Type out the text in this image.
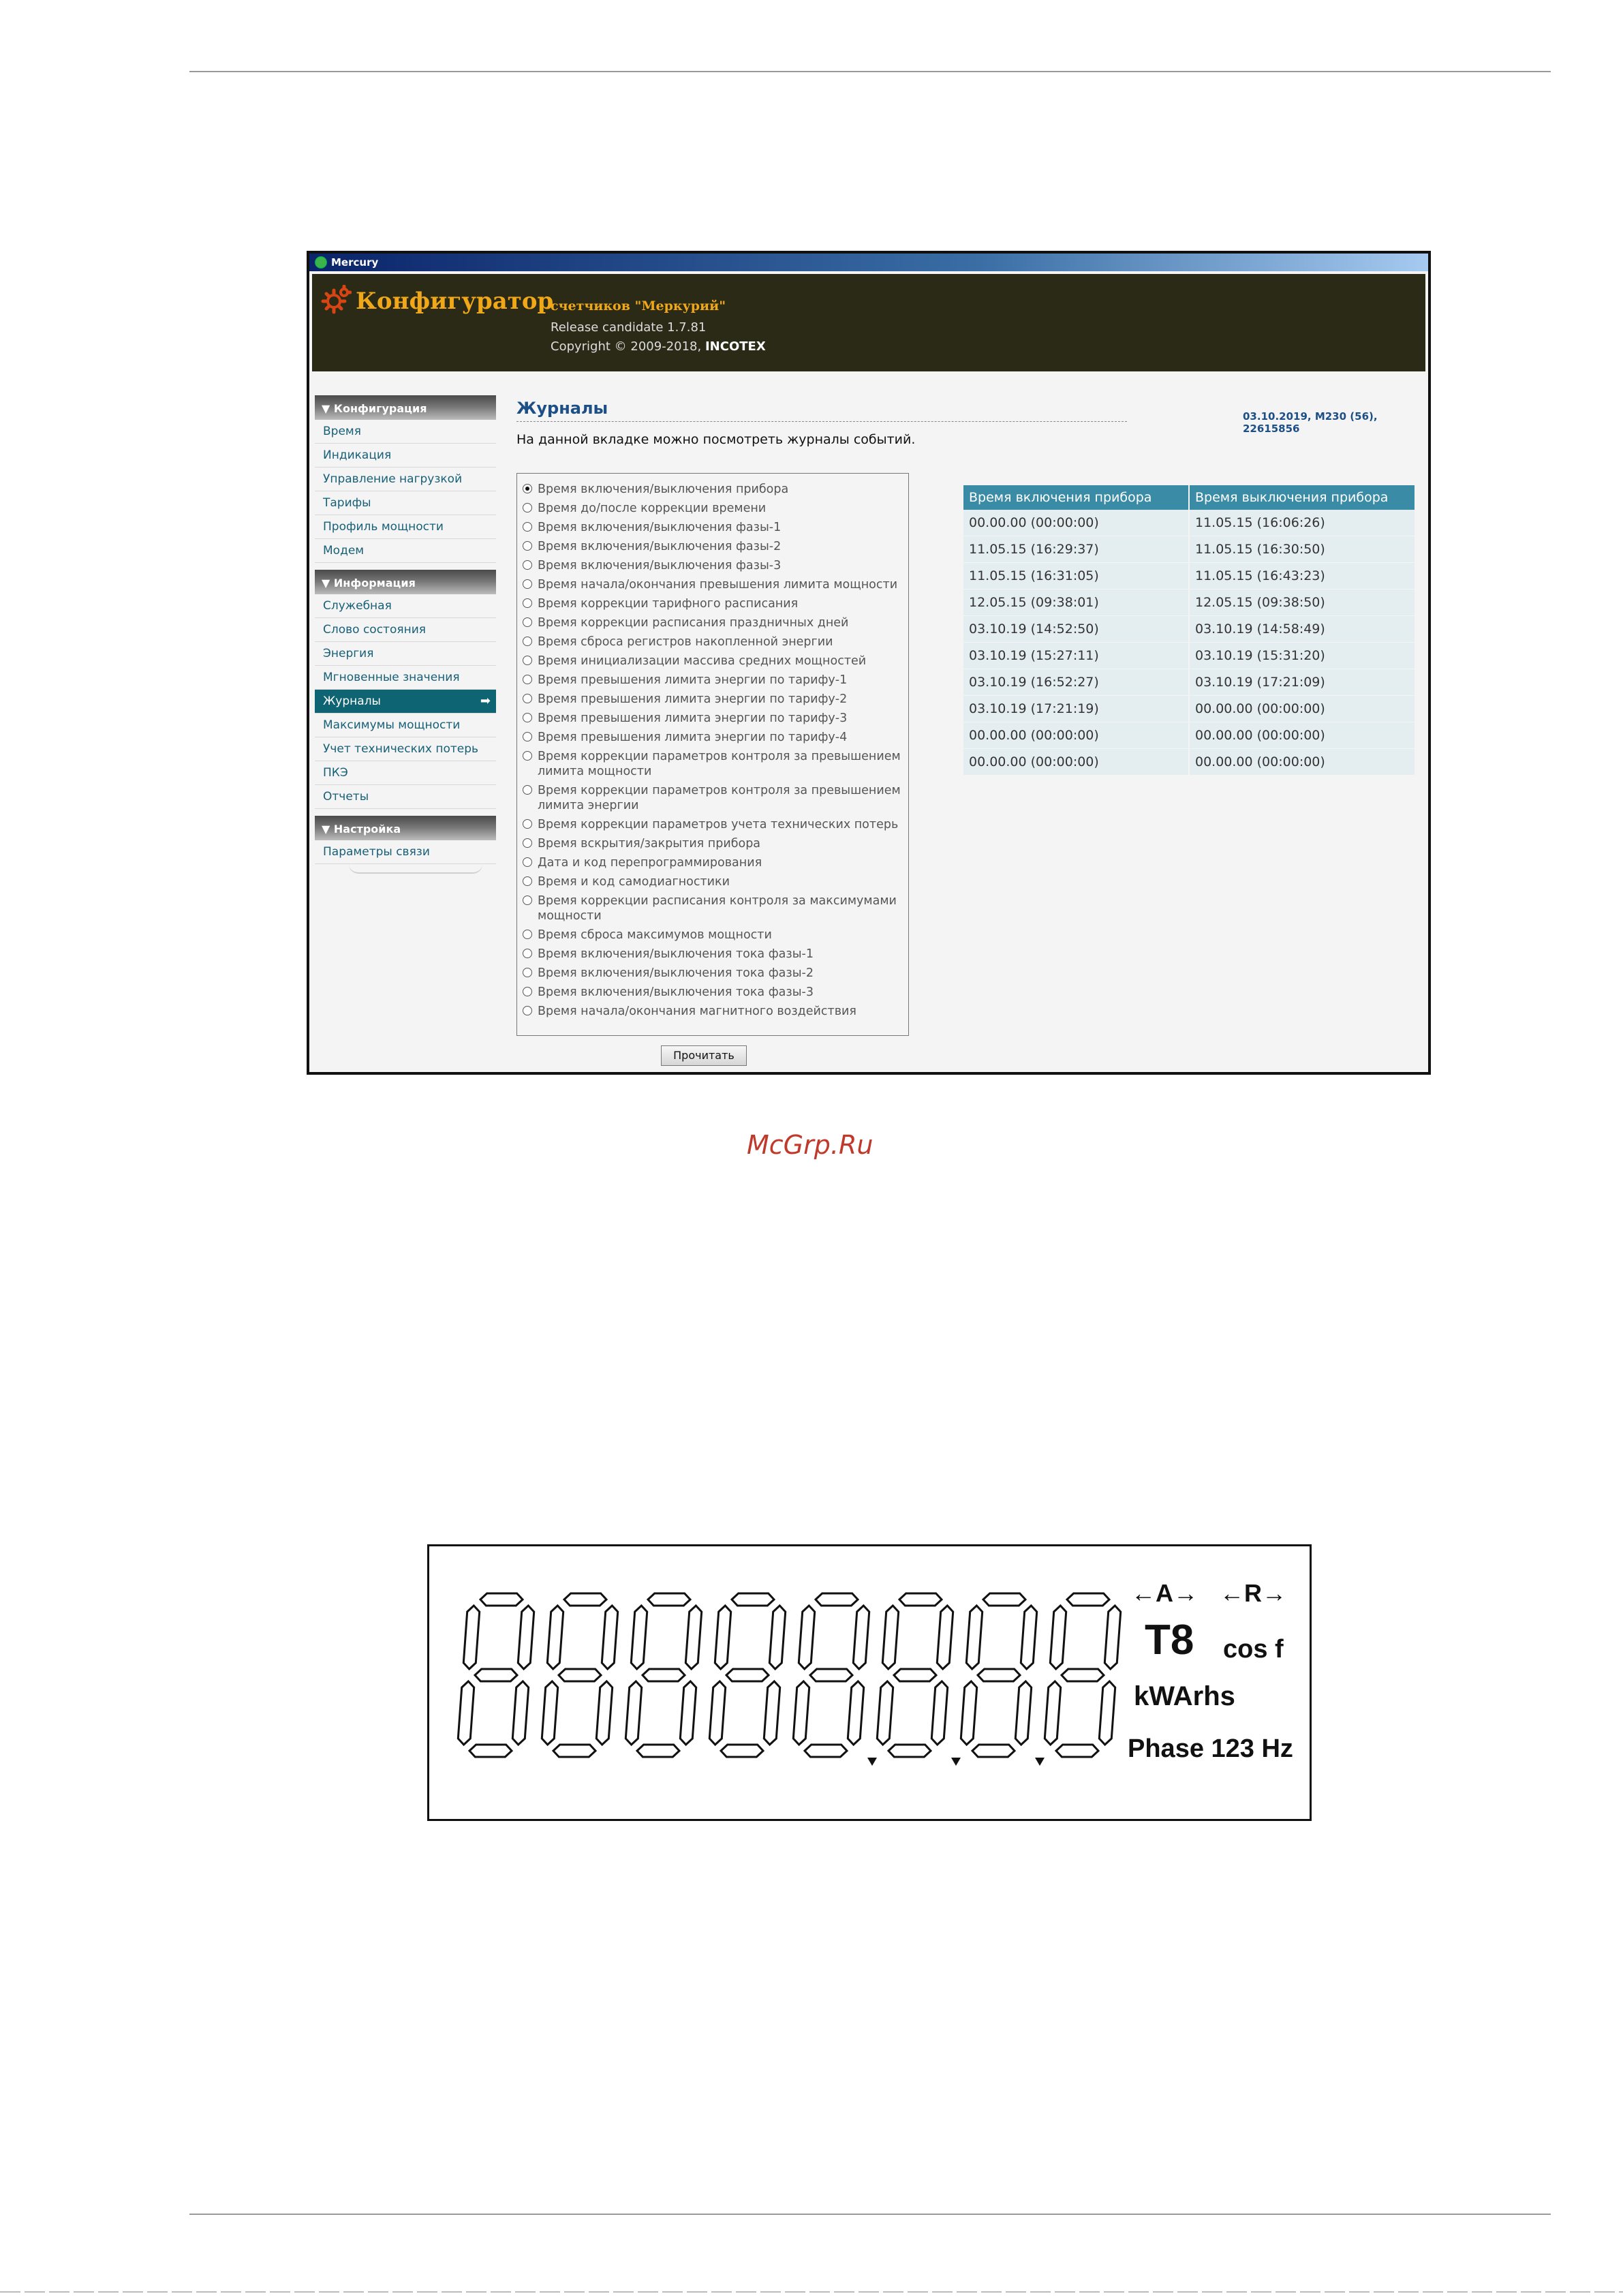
Mercury
Конфигуратор
счетчиков "Меркурий"
Release candidate 1.7.81
Copyright © 2009-2018, INCOTEX
▼ Конфигурация
Время
Индикация
Управление нагрузкой
Тарифы
Профиль мощности
Модем
▼ Информация
Служебная
Слово состояния
Энергия
Мгновенные значения
Журналы	➡
Максимумы мощности
Учет технических потерь
ПКЭ
Отчеты
▼ Настройка
Параметры связи
Журналы	03.10.2019, M230 (56), 22615856
На данной вкладке можно посмотреть журналы событий.
Время включения/выключения прибора
Время до/после коррекции времени
Время включения/выключения фазы-1
Время включения/выключения фазы-2
Время включения/выключения фазы-3
Время начала/окончания превышения лимита мощности
Время коррекции тарифного расписания
Время коррекции расписания праздничных дней
Время сброса регистров накопленной энергии
Время инициализации массива средних мощностей
Время превышения лимита энергии по тарифу-1
Время превышения лимита энергии по тарифу-2
Время превышения лимита энергии по тарифу-3
Время превышения лимита энергии по тарифу-4
Время коррекции параметров контроля за превышением лимита мощности
Время коррекции параметров контроля за превышением лимита энергии
Время коррекции параметров учета технических потерь
Время вскрытия/закрытия прибора
Дата и код перепрограммирования
Время и код самодиагностики
Время коррекции расписания контроля за максимумами мощности
Время сброса максимумов мощности
Время включения/выключения тока фазы-1
Время включения/выключения тока фазы-2
Время включения/выключения тока фазы-3
Время начала/окончания магнитного воздействия
Прочитать
Время включения прибора	Время выключения прибора
00.00.00 (00:00:00)	11.05.15 (16:06:26)
11.05.15 (16:29:37)	11.05.15 (16:30:50)
11.05.15 (16:31:05)	11.05.15 (16:43:23)
12.05.15 (09:38:01)	12.05.15 (09:38:50)
03.10.19 (14:52:50)	03.10.19 (14:58:49)
03.10.19 (15:27:11)	03.10.19 (15:31:20)
03.10.19 (16:52:27)	03.10.19 (17:21:09)
03.10.19 (17:21:19)	00.00.00 (00:00:00)
00.00.00 (00:00:00)	00.00.00 (00:00:00)
00.00.00 (00:00:00)	00.00.00 (00:00:00)
McGrp.Ru
←A→ ←R→
T8 cos f
kWArhs
Phase 123 Hz
